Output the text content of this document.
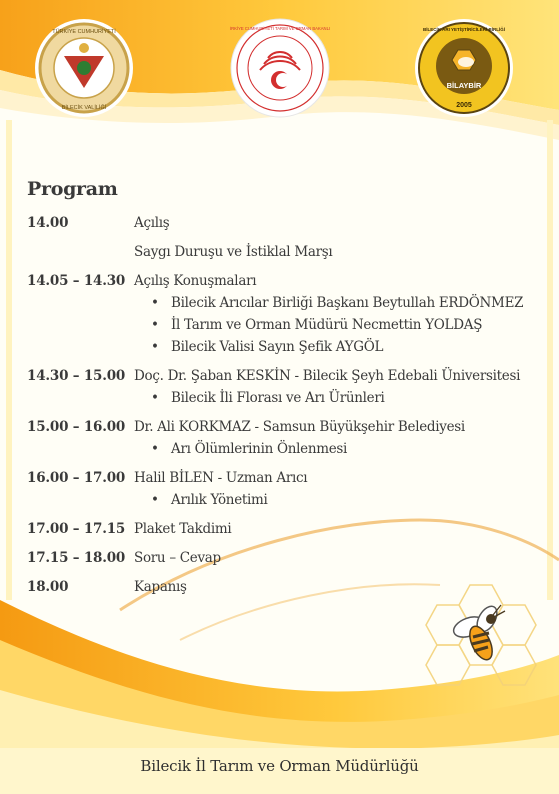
TÜRKİYE CUMHURİYETİ
BİLECİK VALİLİĞİ
TÜRKİYE CUMHURİYETİ TARIM VE ORMAN BAKANLIĞI	BİLECİK ARI YETİŞTİRİCİLERİ BİRLİĞİ
BİLAYBİR
2005
Program
14.00	Açılış
Saygı Duruşu ve İstiklal Marşı
14.05 – 14.30 Açılış Konuşmaları
• Bilecik Arıcılar Birliği Başkanı Beytullah ERDÖNMEZ
• İl Tarım ve Orman Müdürü Necmettin YOLDAŞ
• Bilecik Valisi Sayın Şefik AYGÖL
14.30 – 15.00 Doç. Dr. Şaban KESKİN - Bilecik Şeyh Edebali Üniversitesi
• Bilecik İli Florası ve Arı Ürünleri
15.00 – 16.00 Dr. Ali KORKMAZ - Samsun Büyükşehir Belediyesi
• Arı Ölümlerinin Önlenmesi
16.00 – 17.00 Halil BİLEN - Uzman Arıcı
• Arılık Yönetimi
17.00 – 17.15 Plaket Takdimi
17.15 – 18.00 Soru – Cevap
18.00	Kapanış
Bilecik İl Tarım ve Orman Müdürlüğü
